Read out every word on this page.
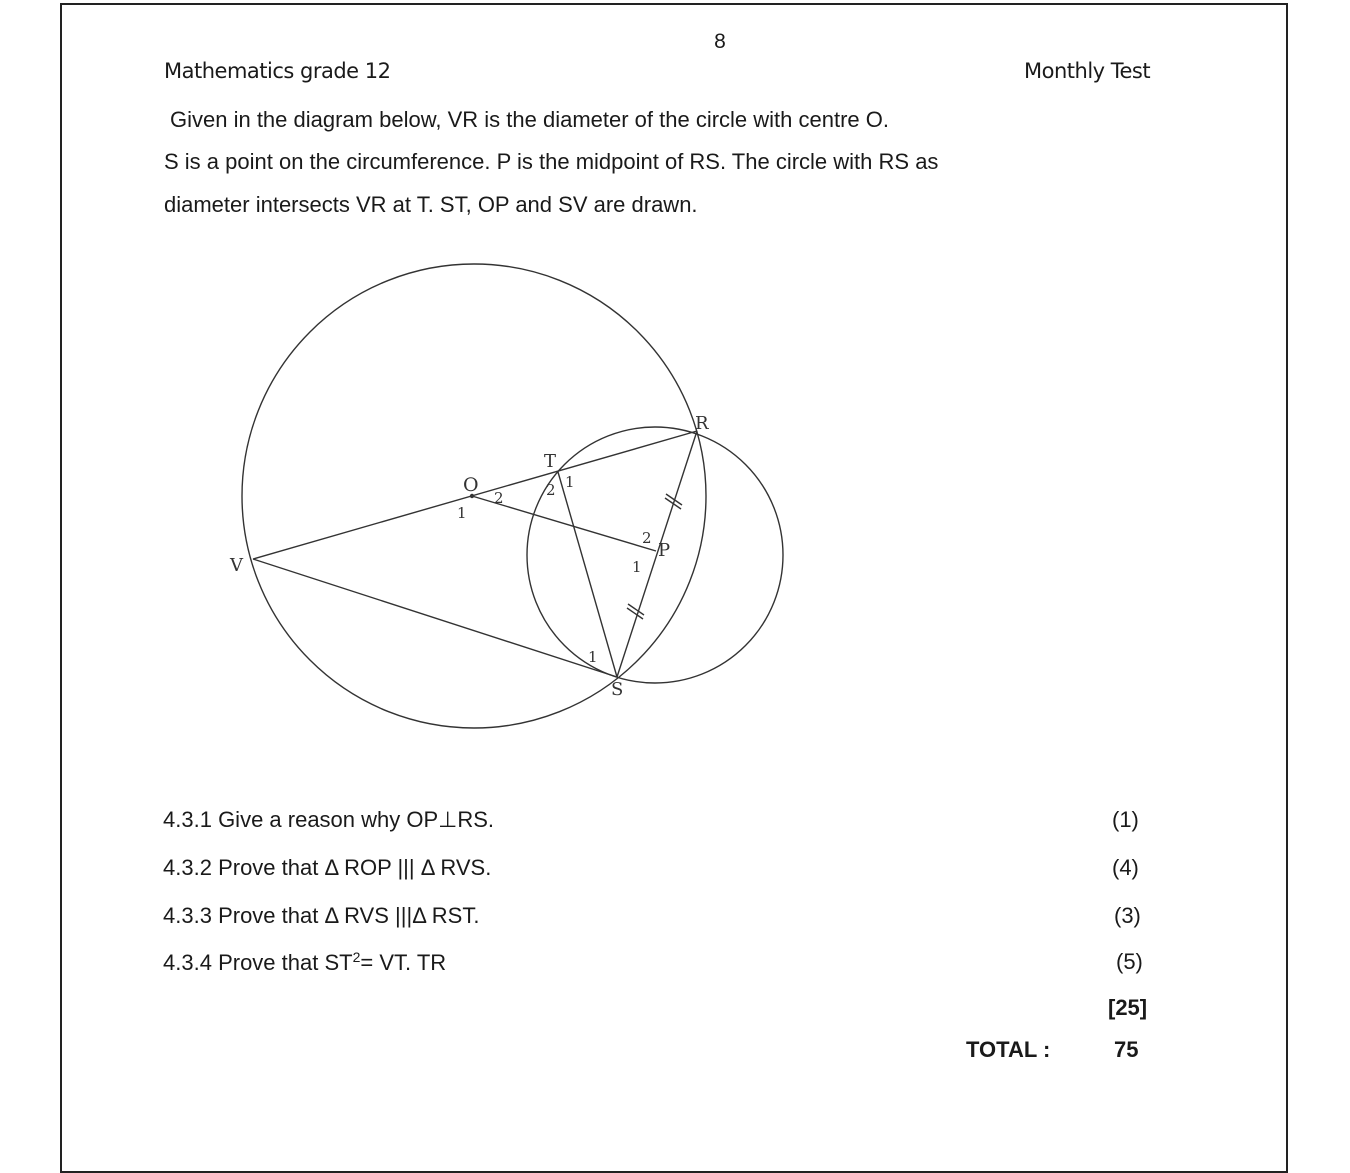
8
Mathematics grade 12	Monthly Test
Given in the diagram below, VR is the diameter of the circle with centre O.
S is a point on the circumference. P is the midpoint of RS. The circle with RS as
diameter intersects VR at T. ST, OP and SV are drawn.
O
T
R
V
P
S
1
2	2 1
2
1
1
4.3.1 Give a reason why OP⊥RS.	(1)
4.3.2 Prove that Δ ROP ||| Δ RVS.	(4)
4.3.3 Prove that Δ RVS |||Δ RST.	(3)
4.3.4 Prove that $ST^2=$ VT. TR	(5)
[25]
TOTAL :	75
